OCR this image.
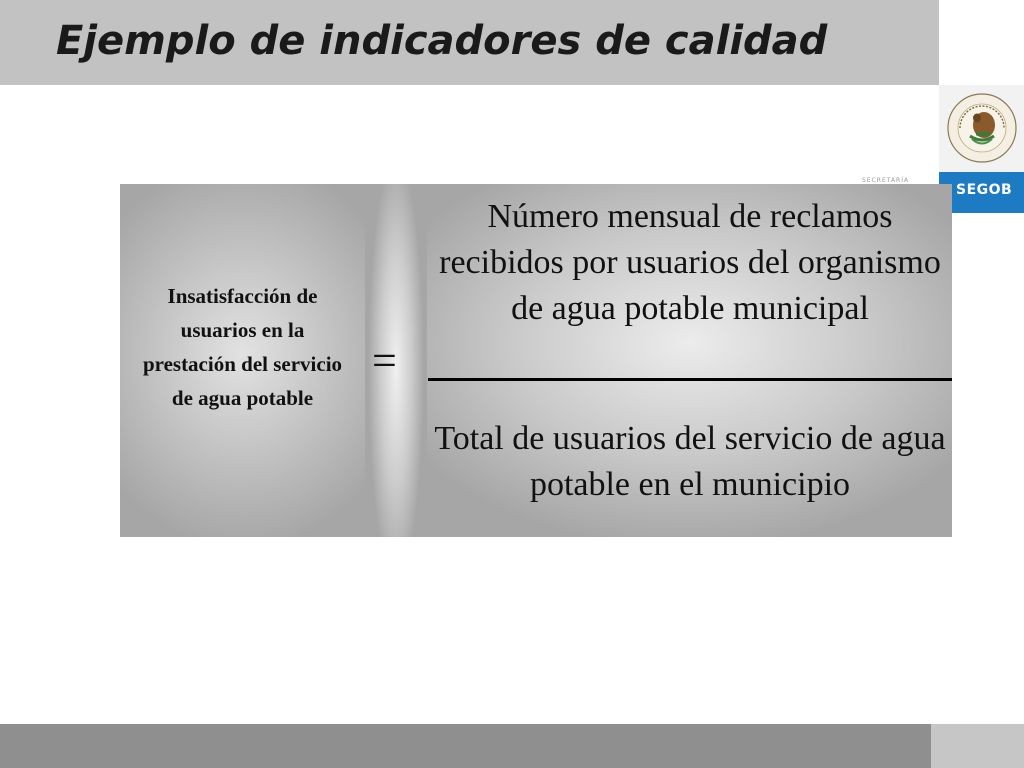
Ejemplo de indicadores de calidad
SECRETARÍA
SEGOB
Insatisfacción de usuarios en la prestación del servicio de agua potable
=
Número mensual de reclamos recibidos por usuarios del organismo de agua potable municipal
Total de usuarios del servicio de agua potable en el municipio
